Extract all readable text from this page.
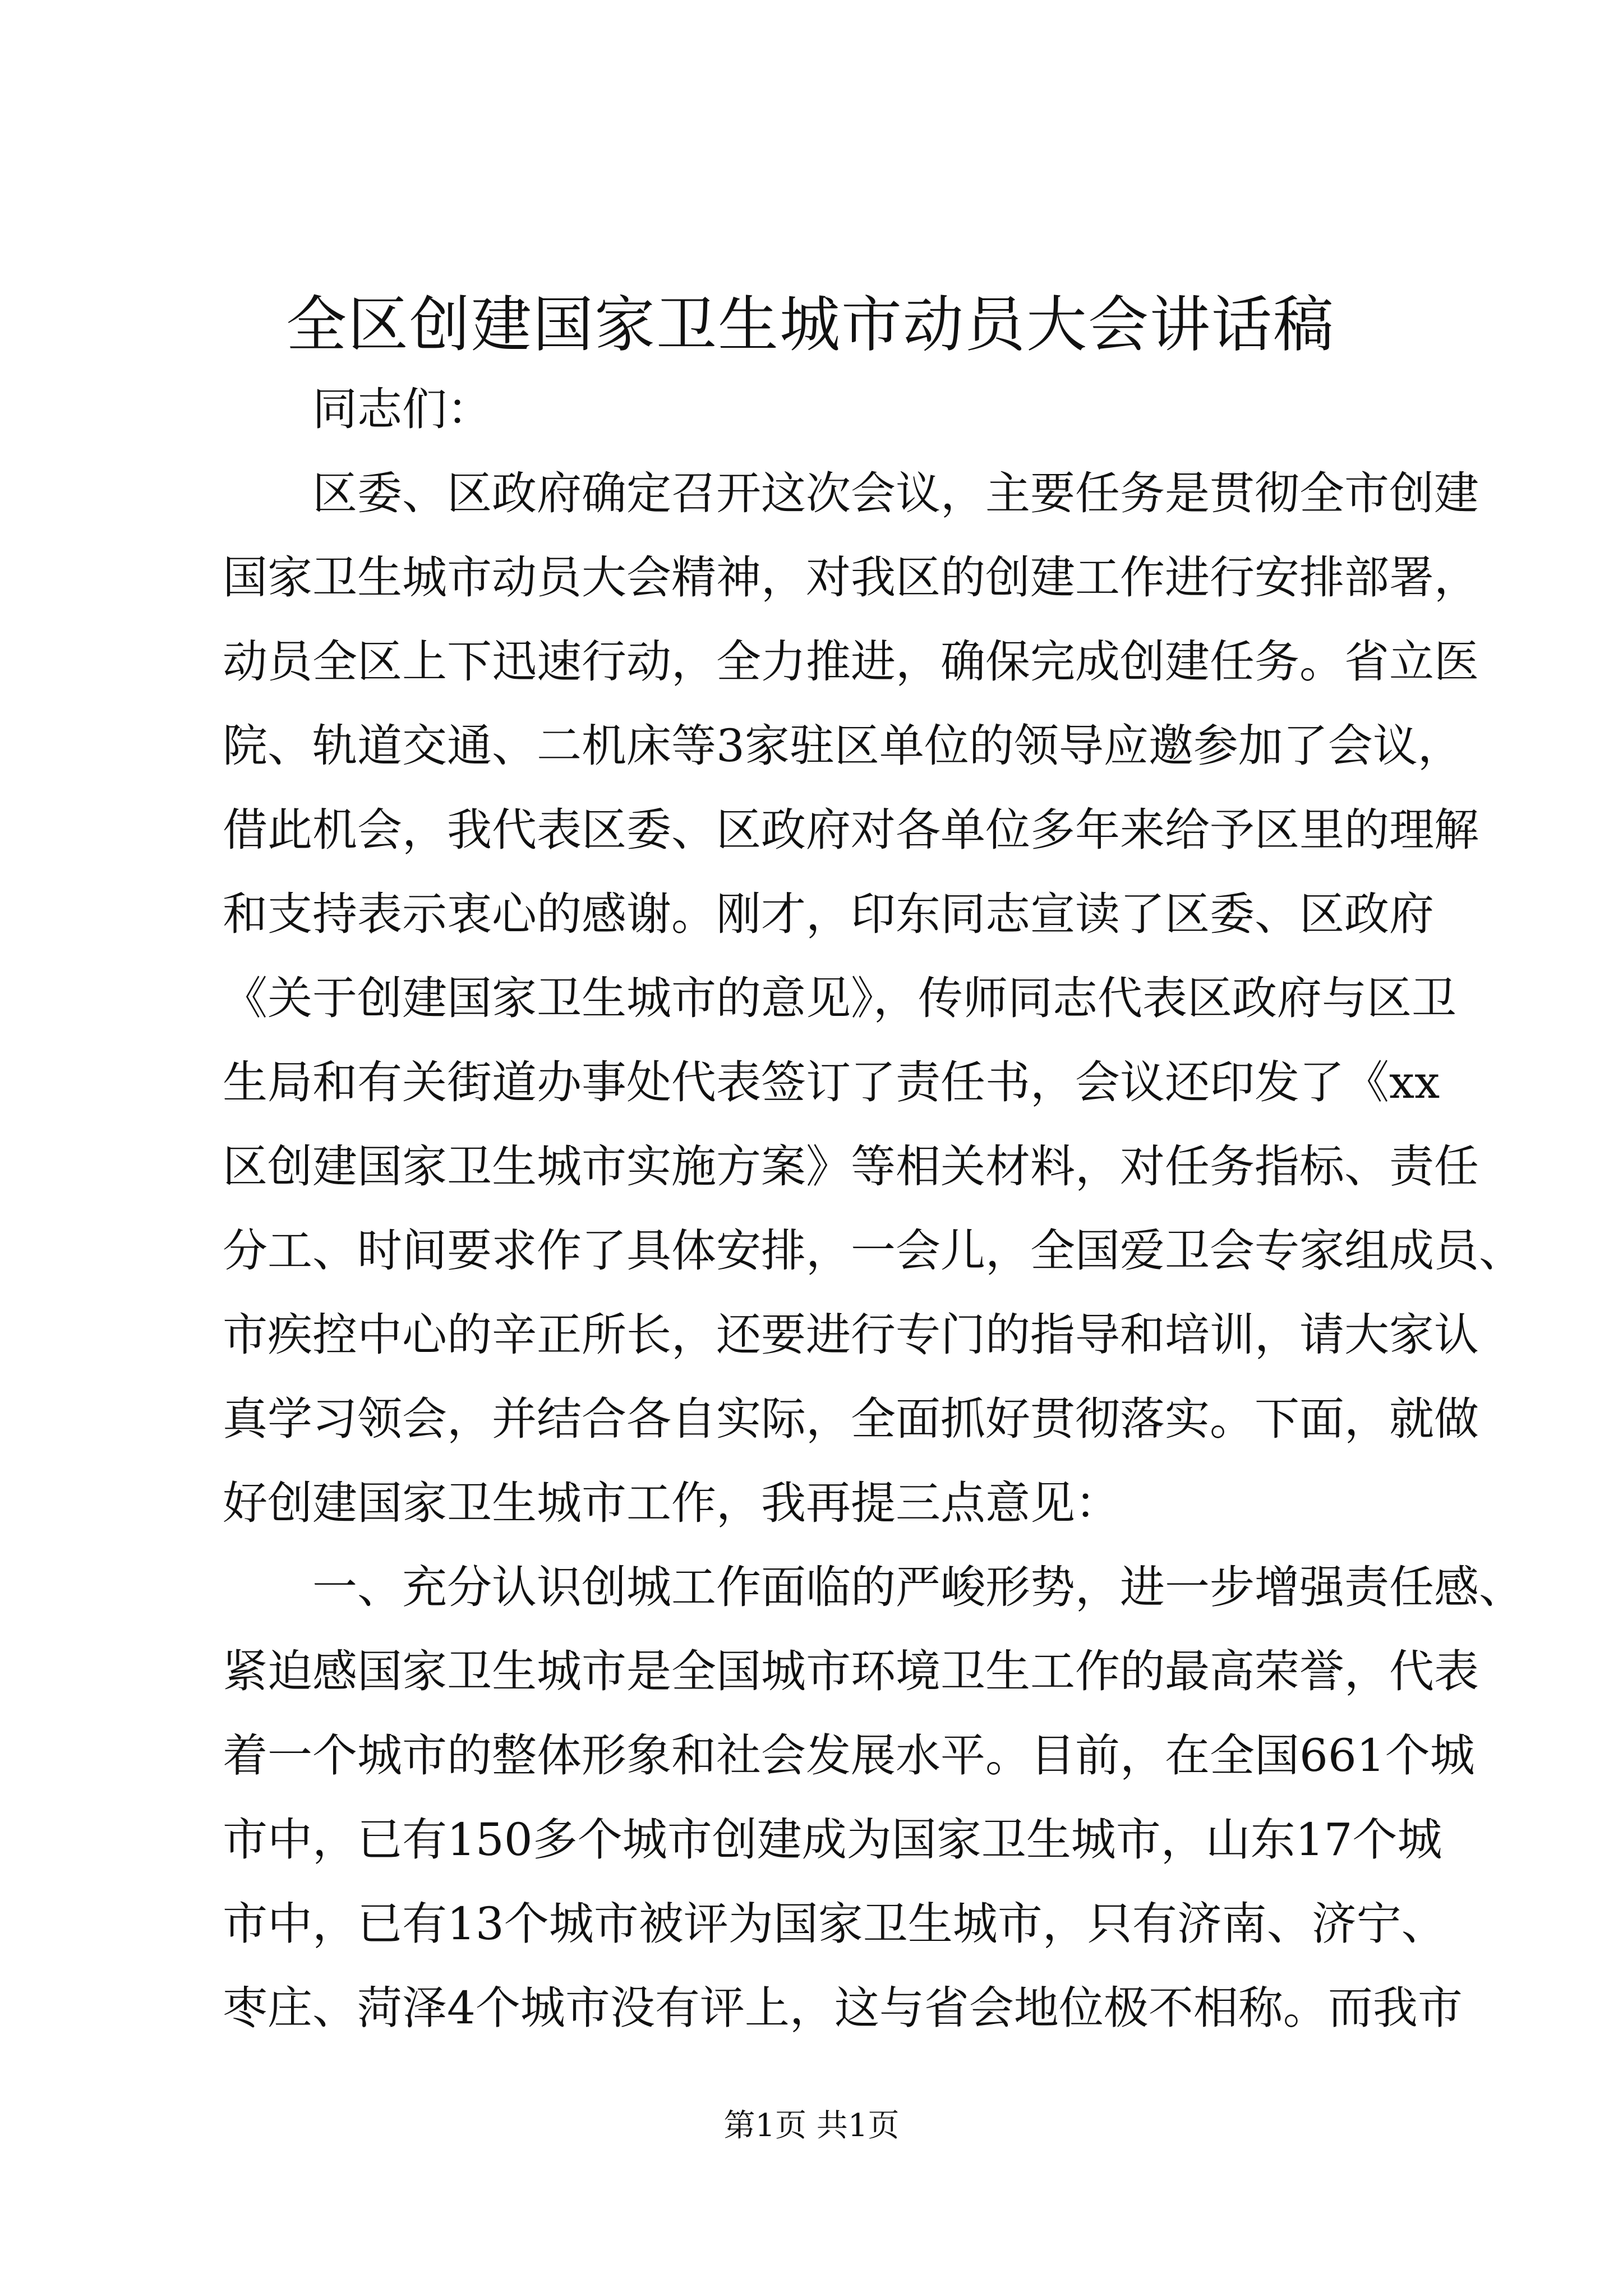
全区创建国家卫生城市动员大会讲话稿
同志们：
区委、区政府确定召开这次会议，主要任务是贯彻全市创建
国家卫生城市动员大会精神，对我区的创建工作进行安排部署，
动员全区上下迅速行动，全力推进，确保完成创建任务。省立医
院、轨道交通、二机床等3家驻区单位的领导应邀参加了会议，
借此机会，我代表区委、区政府对各单位多年来给予区里的理解
和支持表示衷心的感谢。刚才，印东同志宣读了区委、区政府
《关于创建国家卫生城市的意见》，传师同志代表区政府与区卫
生局和有关街道办事处代表签订了责任书，会议还印发了《xx
区创建国家卫生城市实施方案》等相关材料，对任务指标、责任
分工、时间要求作了具体安排，一会儿，全国爱卫会专家组成员、
市疾控中心的辛正所长，还要进行专门的指导和培训，请大家认
真学习领会，并结合各自实际，全面抓好贯彻落实。下面，就做
好创建国家卫生城市工作，我再提三点意见：
一、充分认识创城工作面临的严峻形势，进一步增强责任感、
紧迫感国家卫生城市是全国城市环境卫生工作的最高荣誉，代表
着一个城市的整体形象和社会发展水平。目前，在全国661个城
市中，已有150多个城市创建成为国家卫生城市，山东17个城
市中，已有13个城市被评为国家卫生城市，只有济南、济宁、
枣庄、菏泽4个城市没有评上，这与省会地位极不相称。而我市
第1页 共1页
